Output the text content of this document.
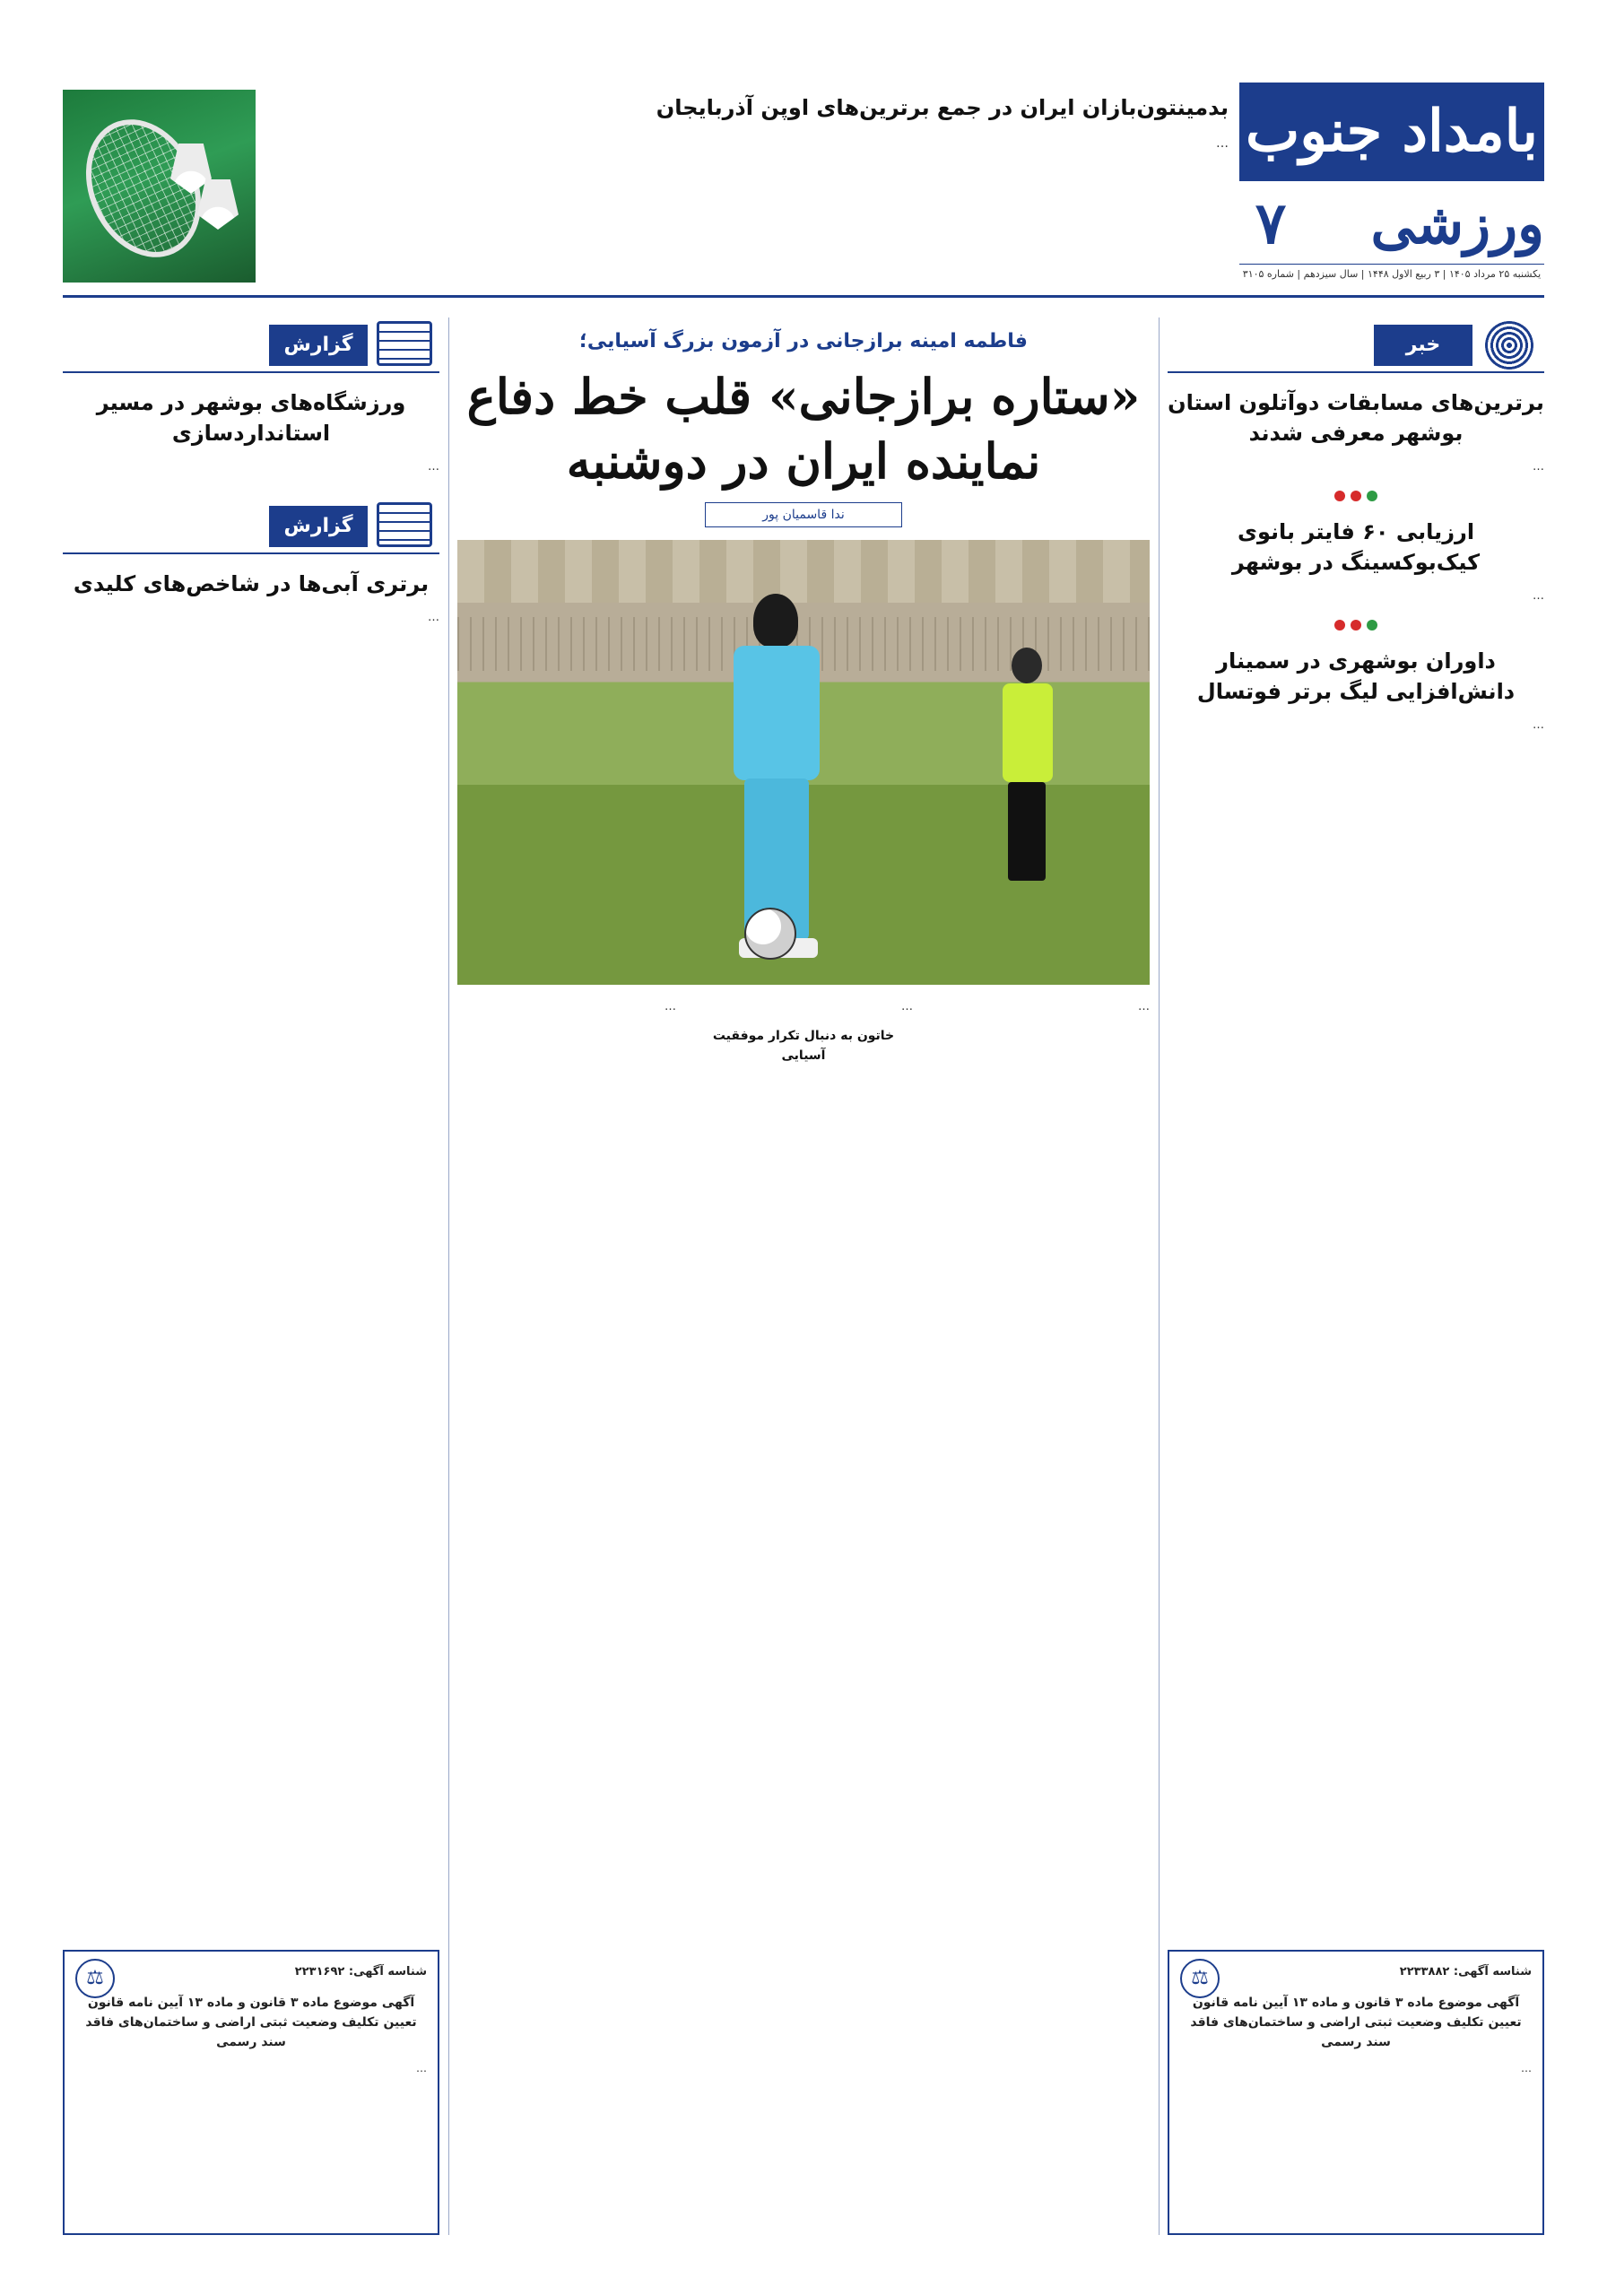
بامداد جنوب
ورزشی
۷
یکشنبه ۲۵ مرداد ۱۴۰۵ | ۳ ربیع الاول ۱۴۴۸ | سال سیزدهم | شماره ۳۱۰۵
بدمینتون‌بازان ایران در جمع برترین‌های اوپن آذربایجان
…
خبر
برترین‌های مسابقات دوآتلون استان بوشهر معرفی شدند
…
ارزیابی ۶۰ فایتر بانوی کیک‌بوکسینگ در بوشهر
…
داوران بوشهری در سمینار دانش‌افزایی لیگ برتر فوتسال
…
⚖
شناسه آگهی: ۲۲۳۳۸۸۲
آگهی موضوع ماده ۳ قانون و ماده ۱۳ آیین نامه قانون تعیین تکلیف وضعیت ثبتی اراضی و ساختمان‌های فاقد سند رسمی
…
فاطمه امینه برازجانی در آزمون بزرگ آسیایی؛
«ستاره برازجانی» قلب خط دفاع
نماینده ایران در دوشنبه
ندا قاسمیان پور
…
…
خاتون به دنبال تکرار موفقیت آسیایی
…
گزارش
ورزشگاه‌های بوشهر در مسیر استانداردسازی
…
گزارش
برتری آبی‌ها در شاخص‌های کلیدی
…
⚖
شناسه آگهی: ۲۲۳۱۶۹۲
آگهی موضوع ماده ۳ قانون و ماده ۱۳ آیین نامه قانون تعیین تکلیف وضعیت ثبتی اراضی و ساختمان‌های فاقد سند رسمی
…
